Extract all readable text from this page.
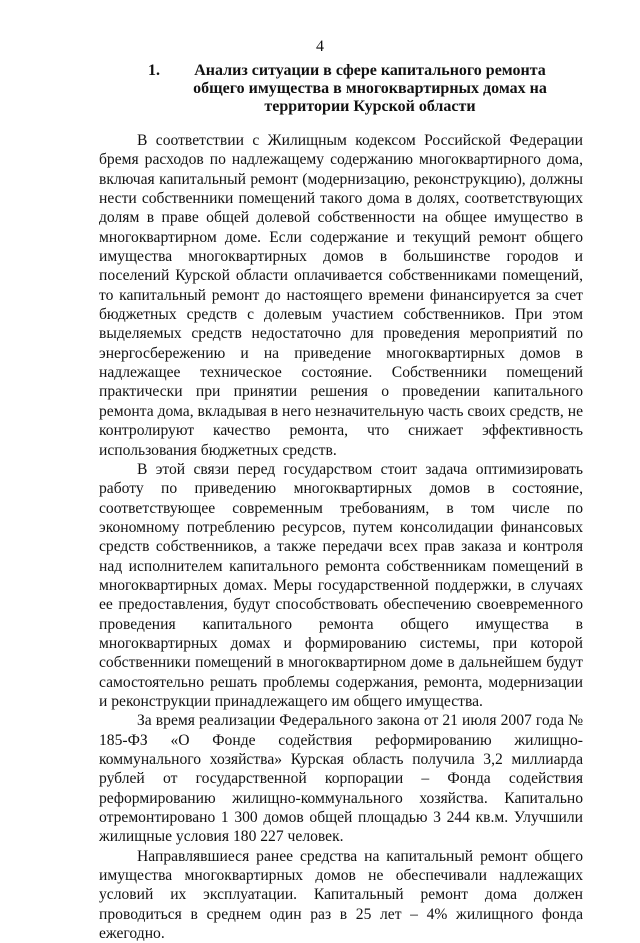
4
1.	Анализ ситуации в сфере капитального ремонта общего имущества в многоквартирных домах на территории Курской области

В соответствии с Жилищным кодексом Российской Федерации бремя расходов по надлежащему содержанию многоквартирного дома, включая капитальный ремонт (модернизацию, реконструкцию), должны нести собственники помещений такого дома в долях, соответствующих долям в праве общей долевой собственности на общее имущество в многоквартирном доме. Если содержание и текущий ремонт общего имущества многоквартирных домов в большинстве городов и поселений Курской области оплачивается собственниками помещений, то капитальный ремонт до настоящего времени финансируется за счет бюджетных средств с долевым участием собственников. При этом выделяемых средств недостаточно для проведения мероприятий по энергосбережению и на приведение многоквартирных домов в надлежащее техническое состояние. Собственники помещений практически при принятии решения о проведении капитального ремонта дома, вкладывая в него незначительную часть своих средств, не контролируют качество ремонта, что снижает эффективность использования бюджетных средств.

В этой связи перед государством стоит задача оптимизировать работу по приведению многоквартирных домов в состояние, соответствующее современным требованиям, в том числе по экономному потреблению ресурсов, путем консолидации финансовых средств собственников, а также передачи всех прав заказа и контроля над исполнителем капитального ремонта собственникам помещений в многоквартирных домах. Меры государственной поддержки, в случаях ее предоставления, будут способствовать обеспечению своевременного проведения капитального ремонта общего имущества в многоквартирных домах и формированию системы, при которой собственники помещений в многоквартирном доме в дальнейшем будут самостоятельно решать проблемы содержания, ремонта, модернизации и реконструкции принадлежащего им общего имущества.

За время реализации Федерального закона от 21 июля 2007 года № 185-ФЗ «О Фонде содействия реформированию жилищно-коммунального хозяйства» Курская область получила 3,2 миллиарда рублей от государственной корпорации – Фонда содействия реформированию жилищно-коммунального хозяйства. Капитально отремонтировано 1 300 домов общей площадью 3 244 кв.м. Улучшили жилищные условия 180 227 человек.

Направлявшиеся ранее средства на капитальный ремонт общего имущества многоквартирных домов не обеспечивали надлежащих условий их эксплуатации. Капитальный ремонт дома должен проводиться в среднем один раз в 25 лет – 4% жилищного фонда ежегодно.
